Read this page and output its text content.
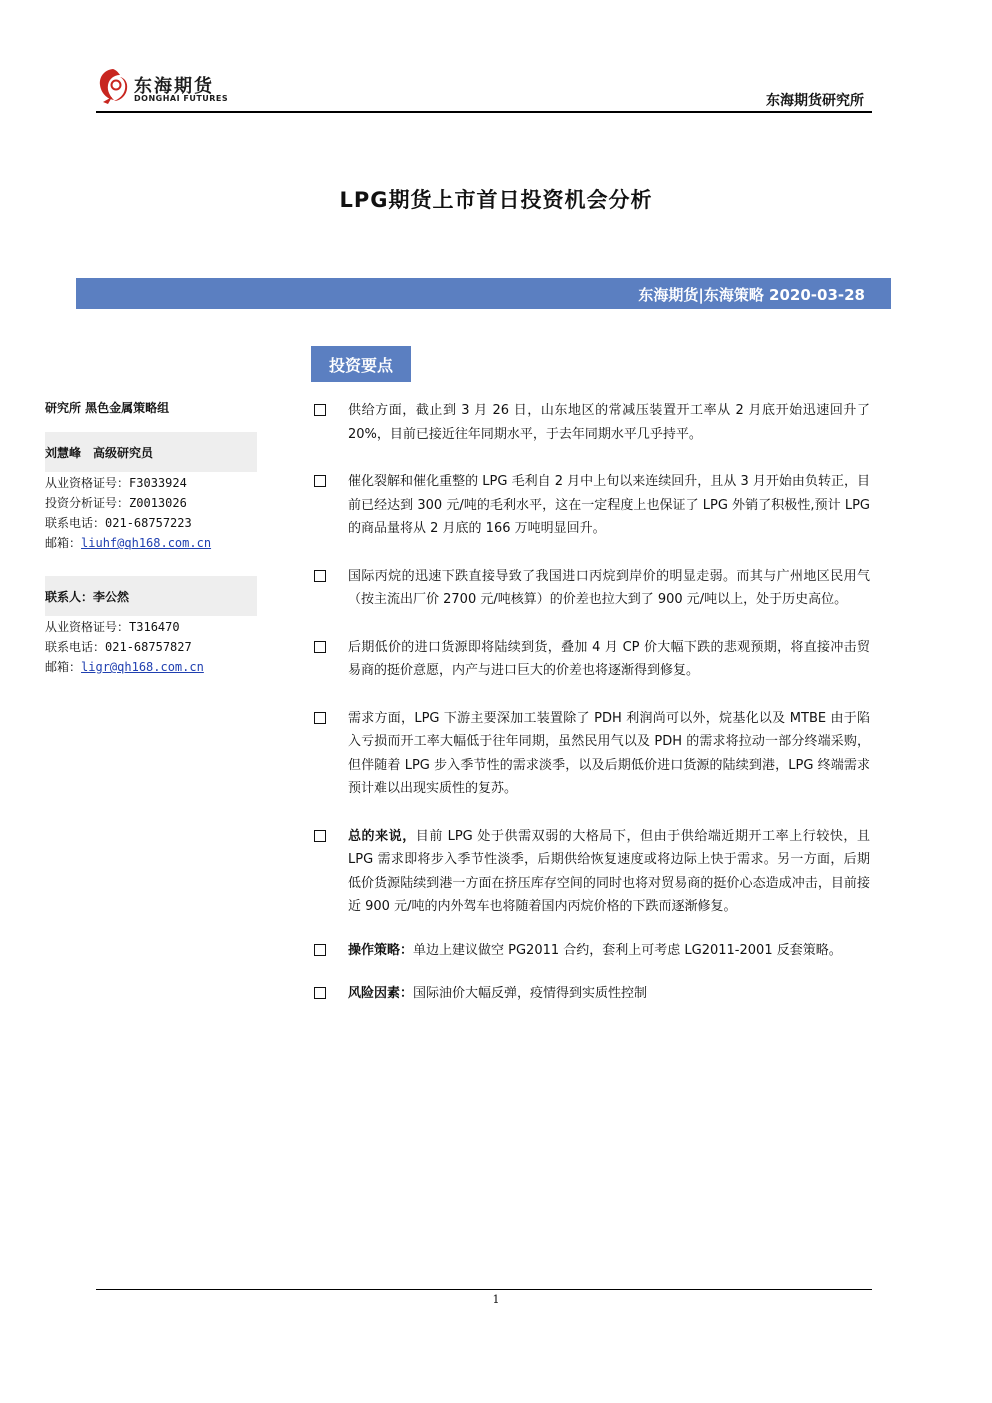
东海期货
DONGHAI FUTURES	东海期货研究所
LPG期货上市首日投资机会分析
东海期货|东海策略 2020-03-28
投资要点
研究所 黑色金属策略组
刘慧峰　高级研究员
从业资格证号：F3033924
投资分析证号：Z0013026
联系电话：021-68757223
邮箱：liuhf@qh168.com.cn
联系人：李公然
从业资格证号：T316470
联系电话：021-68757827
邮箱：ligr@qh168.com.cn
供给方面，截止到 3 月 26 日，山东地区的常减压装置开工率从 2 月底开始迅速回升了 20%，目前已接近往年同期水平，于去年同期水平几乎持平。
催化裂解和催化重整的 LPG 毛利自 2 月中上旬以来连续回升，且从 3 月开始由负转正，目前已经达到 300 元/吨的毛利水平，这在一定程度上也保证了 LPG 外销了积极性,预计 LPG 的商品量将从 2 月底的 166 万吨明显回升。
国际丙烷的迅速下跌直接导致了我国进口丙烷到岸价的明显走弱。而其与广州地区民用气（按主流出厂价 2700 元/吨核算）的价差也拉大到了 900 元/吨以上，处于历史高位。
后期低价的进口货源即将陆续到货，叠加 4 月 CP 价大幅下跌的悲观预期，将直接冲击贸易商的挺价意愿，内产与进口巨大的价差也将逐渐得到修复。
需求方面，LPG 下游主要深加工装置除了 PDH 利润尚可以外，烷基化以及 MTBE 由于陷入亏损而开工率大幅低于往年同期，虽然民用气以及 PDH 的需求将拉动一部分终端采购，但伴随着 LPG 步入季节性的需求淡季，以及后期低价进口货源的陆续到港，LPG 终端需求预计难以出现实质性的复苏。
总的来说，目前 LPG 处于供需双弱的大格局下，但由于供给端近期开工率上行较快，且 LPG 需求即将步入季节性淡季，后期供给恢复速度或将边际上快于需求。另一方面，后期低价货源陆续到港一方面在挤压库存空间的同时也将对贸易商的挺价心态造成冲击，目前接近 900 元/吨的内外驾车也将随着国内丙烷价格的下跌而逐渐修复。
操作策略：单边上建议做空 PG2011 合约，套利上可考虑 LG2011-2001 反套策略。
风险因素：国际油价大幅反弹，疫情得到实质性控制
1
